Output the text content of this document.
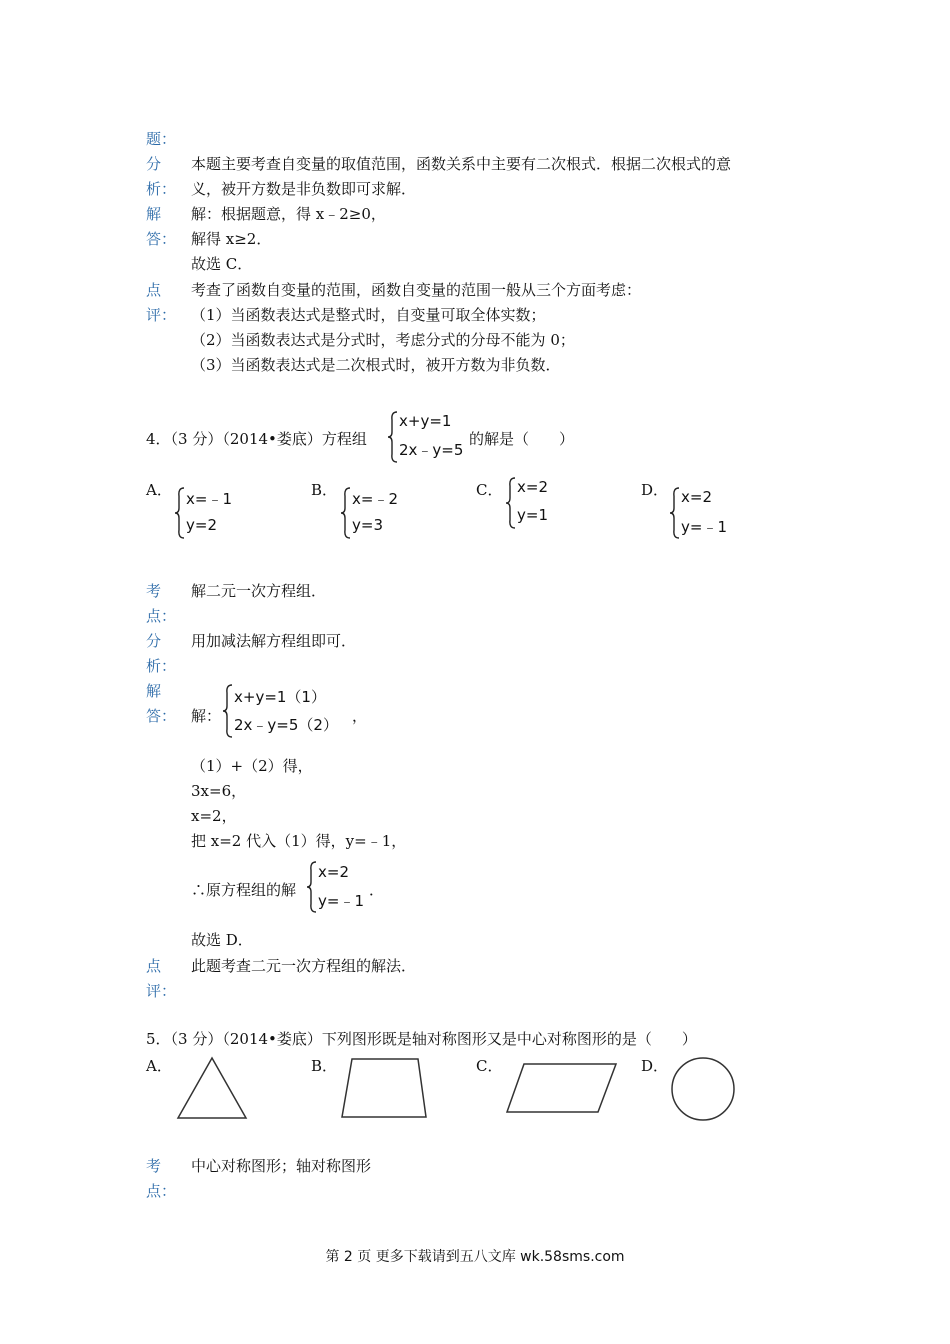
题：
分
析：
本题主要考查自变量的取值范围，函数关系中主要有二次根式．根据二次根式的意
义，被开方数是非负数即可求解．
解
答：
解：根据题意，得 x﹣2≥0，
解得 x≥2．
故选 C．
点
评：
考查了函数自变量的范围，函数自变量的范围一般从三个方面考虑：
（1）当函数表达式是整式时，自变量可取全体实数；
（2）当函数表达式是分式时，考虑分式的分母不能为 0；
（3）当函数表达式是二次根式时，被开方数为非负数．
4．（3 分）（2014•娄底）方程组
x+y=1
2x﹣y=5
的解是（　　）
A． x=﹣1
y=2
B． x=﹣2
y=3
C． x=2
y=1
D． x=2
y=﹣1
考
点：
解二元一次方程组．
分
析：
用加减法解方程组即可．
解
答： 解：
x+y=1（1）
2x﹣y=5（2） ，
（1）+（2）得，
3x=6，
x=2，
把 x=2 代入（1）得，y=﹣1，
∴原方程组的解
x=2
y=﹣1
．
故选 D．
点
评：
此题考查二元一次方程组的解法．
5．（3 分）（2014•娄底）下列图形既是轴对称图形又是中心对称图形的是（　　）
A．	B．	C．	D．
考
点：
中心对称图形；轴对称图形
第 2 页 更多下载请到五八文库 wk.58sms.com
